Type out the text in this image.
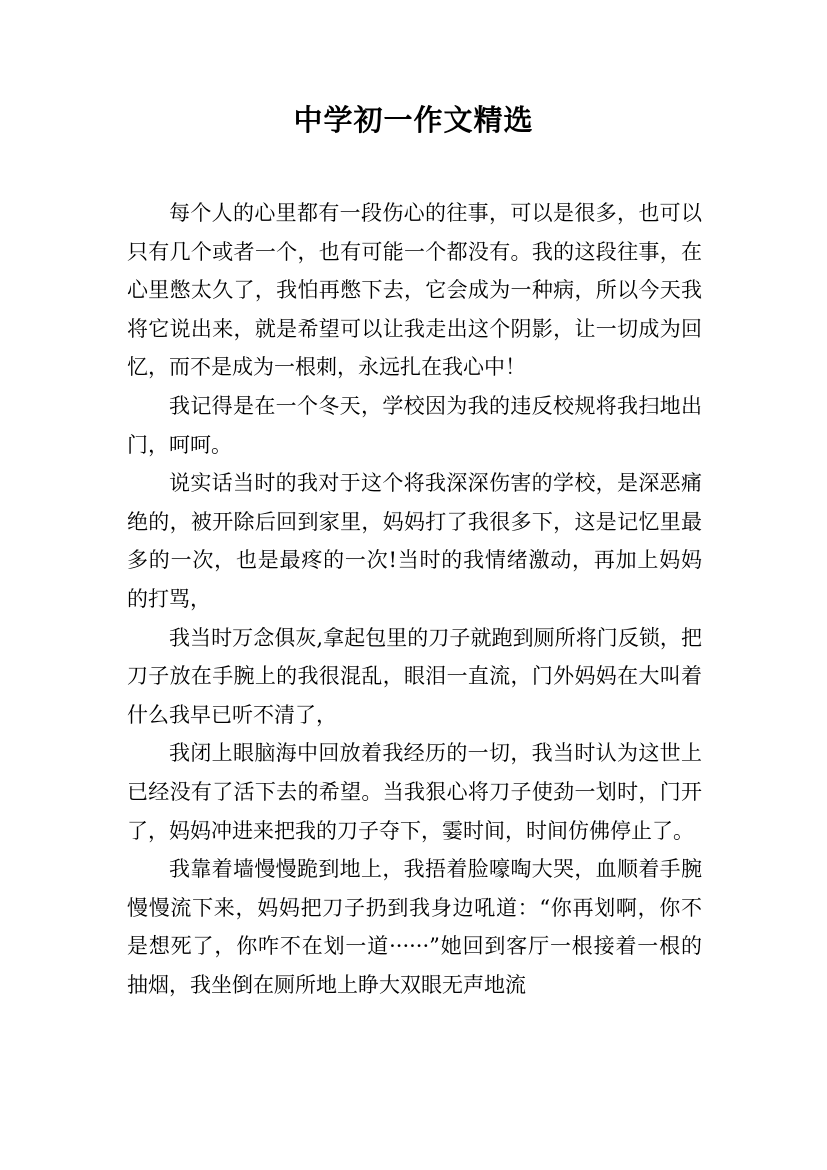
中学初一作文精选

每个人的心里都有一段伤心的往事，可以是很多，也可以只有几个或者一个，也有可能一个都没有。我的这段往事，在心里憋太久了，我怕再憋下去，它会成为一种病，所以今天我将它说出来，就是希望可以让我走出这个阴影，让一切成为回忆，而不是成为一根刺，永远扎在我心中！

我记得是在一个冬天，学校因为我的违反校规将我扫地出门，呵呵。

说实话当时的我对于这个将我深深伤害的学校，是深恶痛绝的，被开除后回到家里，妈妈打了我很多下，这是记忆里最多的一次，也是最疼的一次!当时的我情绪激动，再加上妈妈的打骂，

我当时万念俱灰,拿起包里的刀子就跑到厕所将门反锁，把刀子放在手腕上的我很混乱，眼泪一直流，门外妈妈在大叫着什么我早已听不清了，

我闭上眼脑海中回放着我经历的一切，我当时认为这世上已经没有了活下去的希望。当我狠心将刀子使劲一划时，门开了，妈妈冲进来把我的刀子夺下，霎时间，时间仿佛停止了。

我靠着墙慢慢跪到地上，我捂着脸嚎啕大哭，血顺着手腕慢慢流下来，妈妈把刀子扔到我身边吼道：“你再划啊，你不是想死了，你咋不在划一道······”她回到客厅一根接着一根的抽烟，我坐倒在厕所地上睁大双眼无声地流
